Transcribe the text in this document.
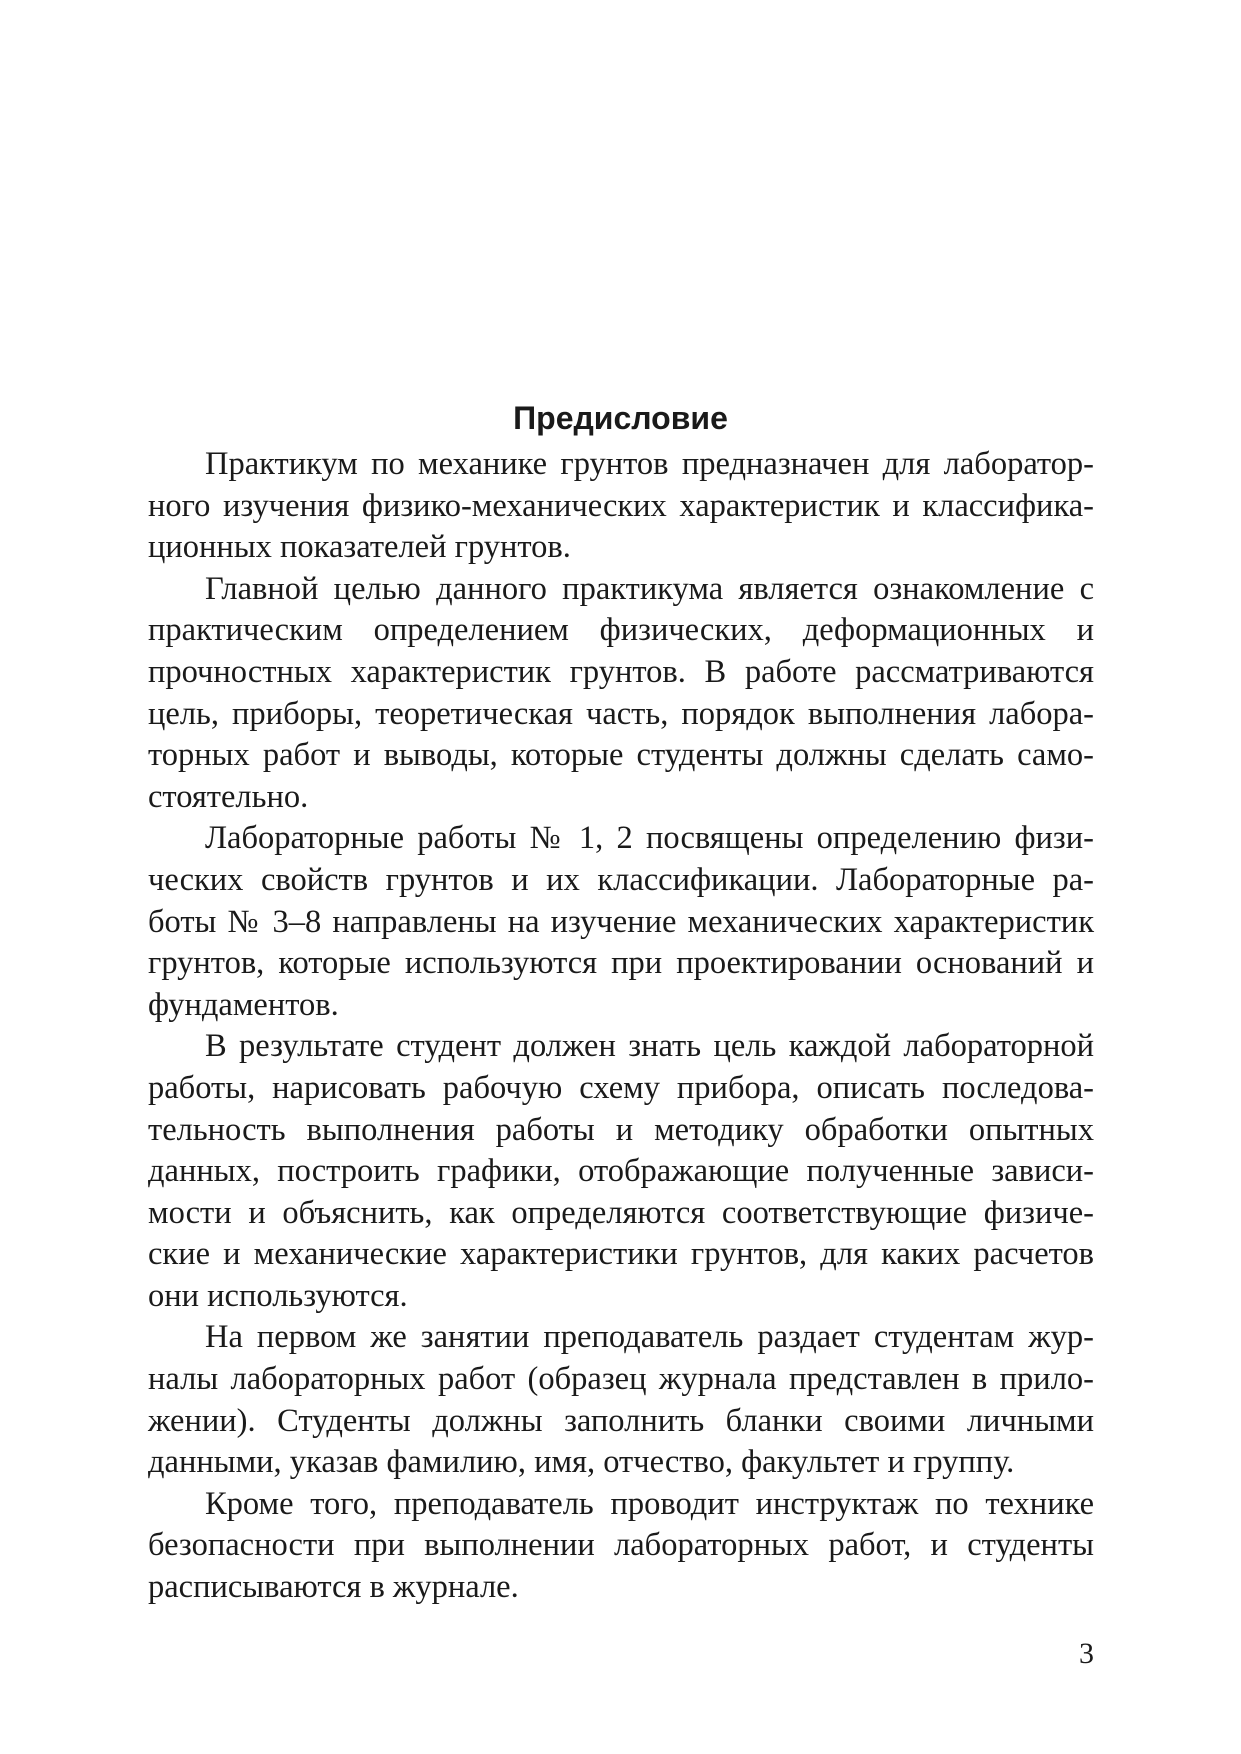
Предисловие

Практикум по механике грунтов предназначен для лаборатор-
ного изучения физико-механических характеристик и классифика-
ционных показателей грунтов.

Главной целью данного практикума является ознакомление с
практическим определением физических, деформационных и
прочностных характеристик грунтов. В работе рассматриваются
цель, приборы, теоретическая часть, порядок выполнения лабора-
торных работ и выводы, которые студенты должны сделать само-
стоятельно.

Лабораторные работы № 1, 2 посвящены определению физи-
ческих свойств грунтов и их классификации. Лабораторные ра-
боты № 3–8 направлены на изучение механических характеристик
грунтов, которые используются при проектировании оснований и
фундаментов.

В результате студент должен знать цель каждой лабораторной
работы, нарисовать рабочую схему прибора, описать последова-
тельность выполнения работы и методику обработки опытных
данных, построить графики, отображающие полученные зависи-
мости и объяснить, как определяются соответствующие физиче-
ские и механические характеристики грунтов, для каких расчетов
они используются.

На первом же занятии преподаватель раздает студентам жур-
налы лабораторных работ (образец журнала представлен в прило-
жении). Студенты должны заполнить бланки своими личными
данными, указав фамилию, имя, отчество, факультет и группу.

Кроме того, преподаватель проводит инструктаж по технике
безопасности при выполнении лабораторных работ, и студенты
расписываются в журнале.

3
